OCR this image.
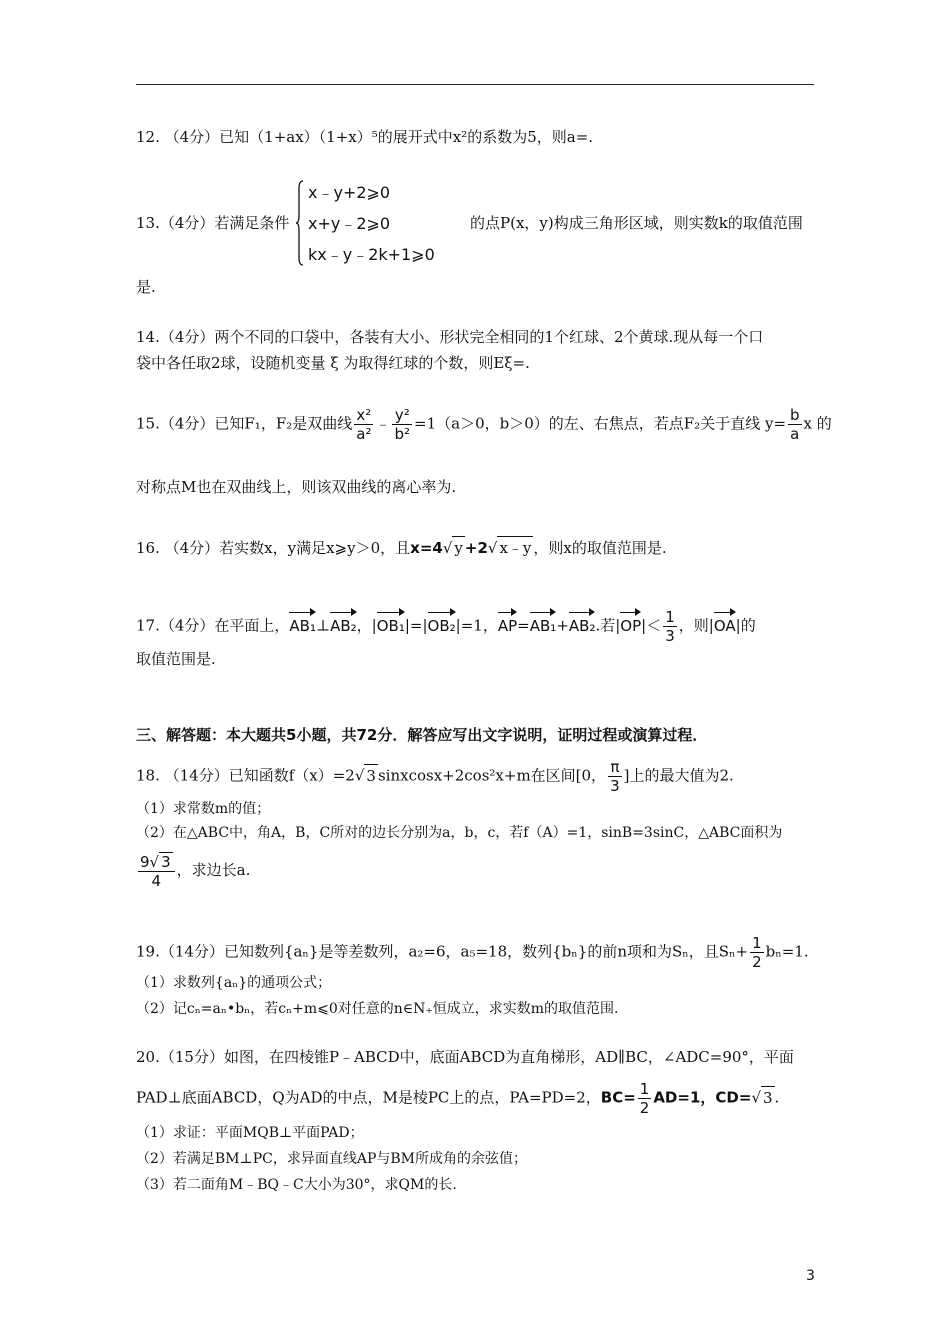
12. （4分）已知（1+ax）（1+x）⁵的展开式中x²的系数为5，则a=.
13.（4分）若满足条件
x﹣y+2⩾0
x+y﹣2⩾0
kx﹣y﹣2k+1⩾0
的点P(x，y)构成三角形区域，则实数k的取值范围
是.
14.（4分）两个不同的口袋中，各装有大小、形状完全相同的1个红球、2个黄球.现从每一个口
袋中各任取2球，设随机变量 ξ 为取得红球的个数，则Eξ=.
15.（4分）已知F₁，F₂是双曲线 $\frac{\text{x²}}{\text{a²}}$ ﹣ $\frac{\text{y²}}{\text{b²}} =1(a>0$，b＞0）的左、右焦点，若点F₂关于直线 $y= \frac{b}{a}$ x 的
对称点M也在双曲线上，则该双曲线的离心率为.
16. （4分）若实数x，y满足x⩾y＞0，且x=4√ y +2√ x﹣y ，则x的取值范围是.
17.（4分）在平面上，AB₁⊥AB₂，|OB₁|=|OB₂|=1，AP=AB₁+AB₂.若$|OP|< \frac{1}{3}$ ，则|OA|的
取值范围是.
三、解答题：本大题共5小题，共72分．解答应写出文字说明，证明过程或演算过程．
18. （14分）已知函数f（x）=2√ 3 sinxcosx+2cos²x+m在区间[0， $\frac{\pi}{3}$ ]上的最大值为2.
（1）求常数m的值；
（2）在△ABC中，角A，B，C所对的边长分别为a，b，c，若f（A）=1，sinB=3sinC，△ABC面积为
$\frac{9√ 3}{4}$ ，求边长a.
19.（14分）已知数列{aₙ}是等差数列，a₂=6，a₅=18，数列{bₙ}的前n项和为Sₙ，且$S_n+ \frac{1}{2} b_n=1$.
（1）求数列{aₙ}的通项公式；
（2）记cₙ=aₙ•bₙ，若cₙ+m⩽0对任意的n∈N₊恒成立，求实数m的取值范围.
20.（15分）如图，在四棱锥P﹣ABCD中，底面ABCD为直角梯形，AD∥BC，∠ADC=90°，平面
PAD⊥底面ABCD，Q为AD的中点，M是棱PC上的点，PA=PD=2，$BC= \frac{1}{2} AD=1$，CD=√ 3 .
（1）求证：平面MQB⊥平面PAD；
（2）若满足BM⊥PC，求异面直线AP与BM所成角的余弦值；
（3）若二面角M﹣BQ﹣C大小为30°，求QM的长.
3
